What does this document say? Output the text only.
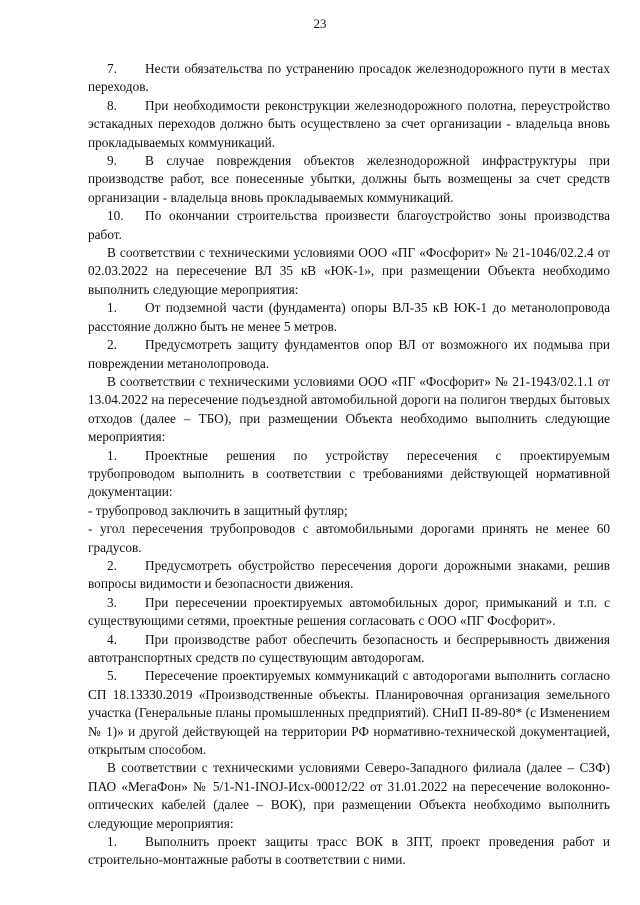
23

7. Нести обязательства по устранению просадок железнодорожного пути в местах переходов.

8. При необходимости реконструкции железнодорожного полотна, переустройство эстакадных переходов должно быть осуществлено за счет организации - владельца вновь прокладываемых коммуникаций.

9. В случае повреждения объектов железнодорожной инфраструктуры при производстве работ, все понесенные убытки, должны быть возмещены за счет средств организации - владельца вновь прокладываемых коммуникаций.

10. По окончании строительства произвести благоустройство зоны производства работ.

В соответствии с техническими условиями ООО «ПГ «Фосфорит» № 21-1046/02.2.4 от 02.03.2022 на пересечение ВЛ 35 кВ «ЮК-1», при размещении Объекта необходимо выполнить следующие мероприятия:

1. От подземной части (фундамента) опоры ВЛ-35 кВ ЮК-1 до метанолопровода расстояние должно быть не менее 5 метров.

2. Предусмотреть защиту фундаментов опор ВЛ от возможного их подмыва при повреждении метанолопровода.

В соответствии с техническими условиями ООО «ПГ «Фосфорит» № 21-1943/02.1.1 от 13.04.2022 на пересечение подъездной автомобильной дороги на полигон твердых бытовых отходов (далее – ТБО), при размещении Объекта необходимо выполнить следующие мероприятия:

1. Проектные решения по устройству пересечения с проектируемым трубопроводом выполнить в соответствии с требованиями действующей нормативной документации:

- трубопровод заключить в защитный футляр;

- угол пересечения трубопроводов с автомобильными дорогами принять не менее 60 градусов.

2. Предусмотреть обустройство пересечения дороги дорожными знаками, решив вопросы видимости и безопасности движения.

3. При пересечении проектируемых автомобильных дорог, примыканий и т.п. с существующими сетями, проектные решения согласовать с ООО «ПГ Фосфорит».

4. При производстве работ обеспечить безопасность и беспрерывность движения автотранспортных средств по существующим автодорогам.

5. Пересечение проектируемых коммуникаций с автодорогами выполнить согласно СП 18.13330.2019 «Производственные объекты. Планировочная организация земельного участка (Генеральные планы промышленных предприятий). СНиП II-89-80* (с Изменением № 1)» и другой действующей на территории РФ нормативно-технической документацией, открытым способом.

В соответствии с техническими условиями Северо-Западного филиала (далее – СЗФ) ПАО «МегаФон» № 5/1-N1-INOJ-Исх-00012/22 от 31.01.2022 на пересечение волоконно-оптических кабелей (далее – ВОК), при размещении Объекта необходимо выполнить следующие мероприятия:

1. Выполнить проект защиты трасс ВОК в ЗПТ, проект проведения работ и строительно-монтажные работы в соответствии с ними.
